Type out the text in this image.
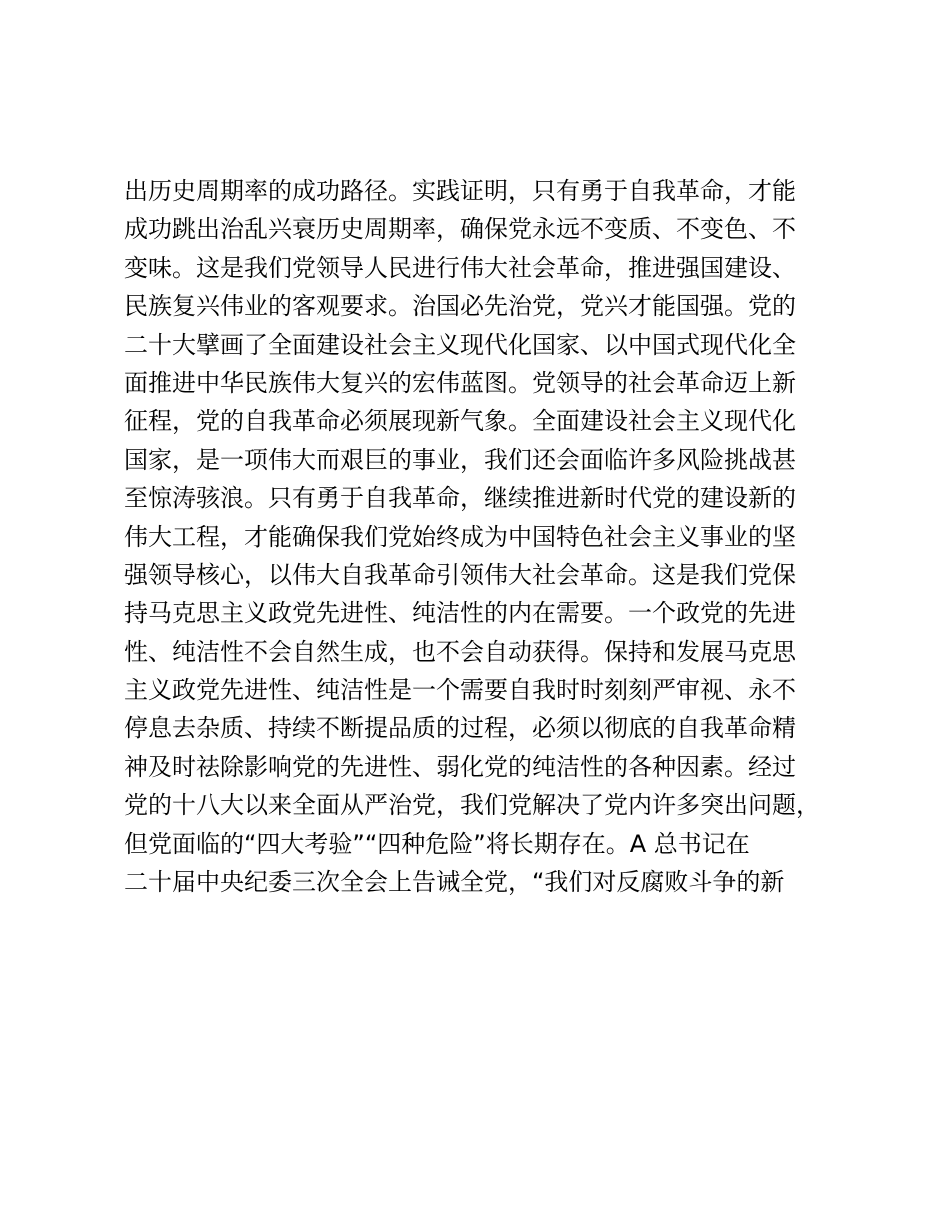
出历史周期率的成功路径。实践证明，只有勇于自我革命，才能
成功跳出治乱兴衰历史周期率，确保党永远不变质、不变色、不
变味。这是我们党领导人民进行伟大社会革命，推进强国建设、
民族复兴伟业的客观要求。治国必先治党，党兴才能国强。党的
二十大擘画了全面建设社会主义现代化国家、以中国式现代化全
面推进中华民族伟大复兴的宏伟蓝图。党领导的社会革命迈上新
征程，党的自我革命必须展现新气象。全面建设社会主义现代化
国家，是一项伟大而艰巨的事业，我们还会面临许多风险挑战甚
至惊涛骇浪。只有勇于自我革命，继续推进新时代党的建设新的
伟大工程，才能确保我们党始终成为中国特色社会主义事业的坚
强领导核心，以伟大自我革命引领伟大社会革命。这是我们党保
持马克思主义政党先进性、纯洁性的内在需要。一个政党的先进
性、纯洁性不会自然生成，也不会自动获得。保持和发展马克思
主义政党先进性、纯洁性是一个需要自我时时刻刻严审视、永不
停息去杂质、持续不断提品质的过程，必须以彻底的自我革命精
神及时祛除影响党的先进性、弱化党的纯洁性的各种因素。经过
党的十八大以来全面从严治党，我们党解决了党内许多突出问题，
但党面临的“四大考验”“四种危险”将长期存在。A 总书记在
二十届中央纪委三次全会上告诫全党，“我们对反腐败斗争的新
